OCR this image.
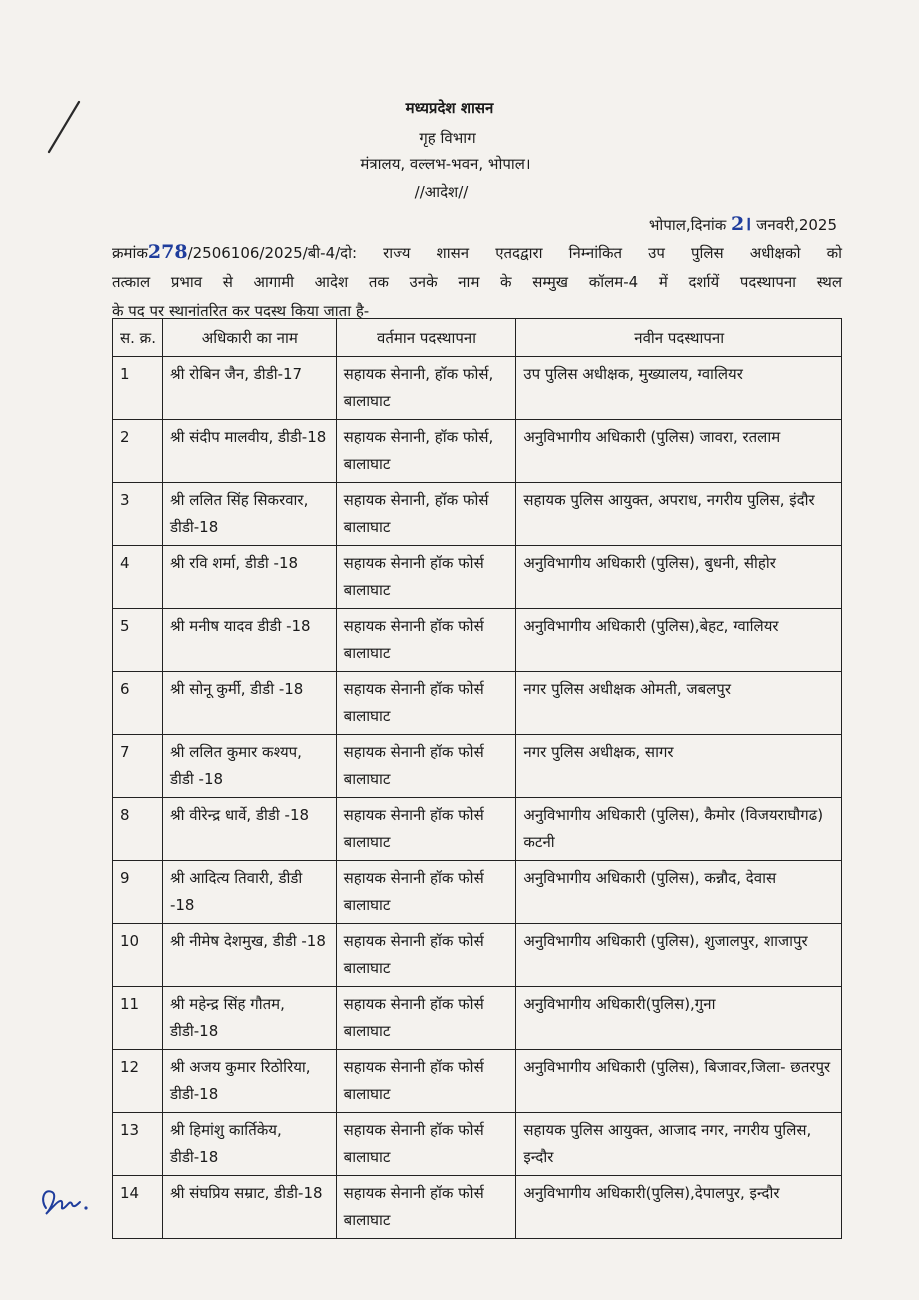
मध्यप्रदेश शासन
गृह विभाग
मंत्रालय, वल्लभ-भवन, भोपाल।
//आदेश//
भोपाल,दिनांक 2। जनवरी,2025
क्रमांक278/2506106/2025/बी-4/दो: राज्य शासन एतदद्वारा निम्नांकित उप पुलिस अधीक्षको को
तत्काल प्रभाव से आगामी आदेश तक उनके नाम के सम्मुख कॉलम-4 में दर्शायें पदस्थापना स्थल
के पद पर स्थानांतरित कर पदस्थ किया जाता है-
स. क्र.	अधिकारी का नाम	वर्तमान पदस्थापना	नवीन पदस्थापना
1	श्री रोबिन जैन, डीडी-17	सहायक सेनानी, हॉक फोर्स, बालाघाट	उप पुलिस अधीक्षक, मुख्यालय, ग्वालियर
2	श्री संदीप मालवीय, डीडी-18	सहायक सेनानी, हॉक फोर्स, बालाघाट	अनुविभागीय अधिकारी (पुलिस) जावरा, रतलाम
3	श्री ललित सिंह सिकरवार, डीडी-18	सहायक सेनानी, हॉक फोर्स बालाघाट	सहायक पुलिस आयुक्त, अपराध, नगरीय पुलिस, इंदौर
4	श्री रवि शर्मा, डीडी -18	सहायक सेनानी हॉक फोर्स बालाघाट	अनुविभागीय अधिकारी (पुलिस), बुधनी, सीहोर
5	श्री मनीष यादव डीडी -18	सहायक सेनानी हॉक फोर्स बालाघाट	अनुविभागीय अधिकारी (पुलिस),बेहट, ग्वालियर
6	श्री सोनू कुर्मी, डीडी -18	सहायक सेनानी हॉक फोर्स बालाघाट	नगर पुलिस अधीक्षक ओमती, जबलपुर
7	श्री ललित कुमार कश्यप, डीडी -18	सहायक सेनानी हॉक फोर्स बालाघाट	नगर पुलिस अधीक्षक, सागर
8	श्री वीरेन्द्र धार्वे, डीडी -18	सहायक सेनानी हॉक फोर्स बालाघाट	अनुविभागीय अधिकारी (पुलिस), कैमोर (विजयराघौगढ) कटनी
9	श्री आदित्य तिवारी, डीडी -18	सहायक सेनानी हॉक फोर्स बालाघाट	अनुविभागीय अधिकारी (पुलिस), कन्नौद, देवास
10	श्री नीमेष देशमुख, डीडी -18	सहायक सेनानी हॉक फोर्स बालाघाट	अनुविभागीय अधिकारी (पुलिस), शुजालपुर, शाजापुर
11	श्री महेन्द्र सिंह गौतम, डीडी-18	सहायक सेनानी हॉक फोर्स बालाघाट	अनुविभागीय अधिकारी(पुलिस),गुना
12	श्री अजय कुमार रिठोरिया, डीडी-18	सहायक सेनानी हॉक फोर्स बालाघाट	अनुविभागीय अधिकारी (पुलिस), बिजावर,जिला- छतरपुर
13	श्री हिमांशु कार्तिकेय, डीडी-18	सहायक सेनानी हॉक फोर्स बालाघाट	सहायक पुलिस आयुक्त, आजाद नगर, नगरीय पुलिस, इन्दौर
14	श्री संघप्रिय सम्राट, डीडी-18	सहायक सेनानी हॉक फोर्स बालाघाट	अनुविभागीय अधिकारी(पुलिस),देपालपुर, इन्दौर
